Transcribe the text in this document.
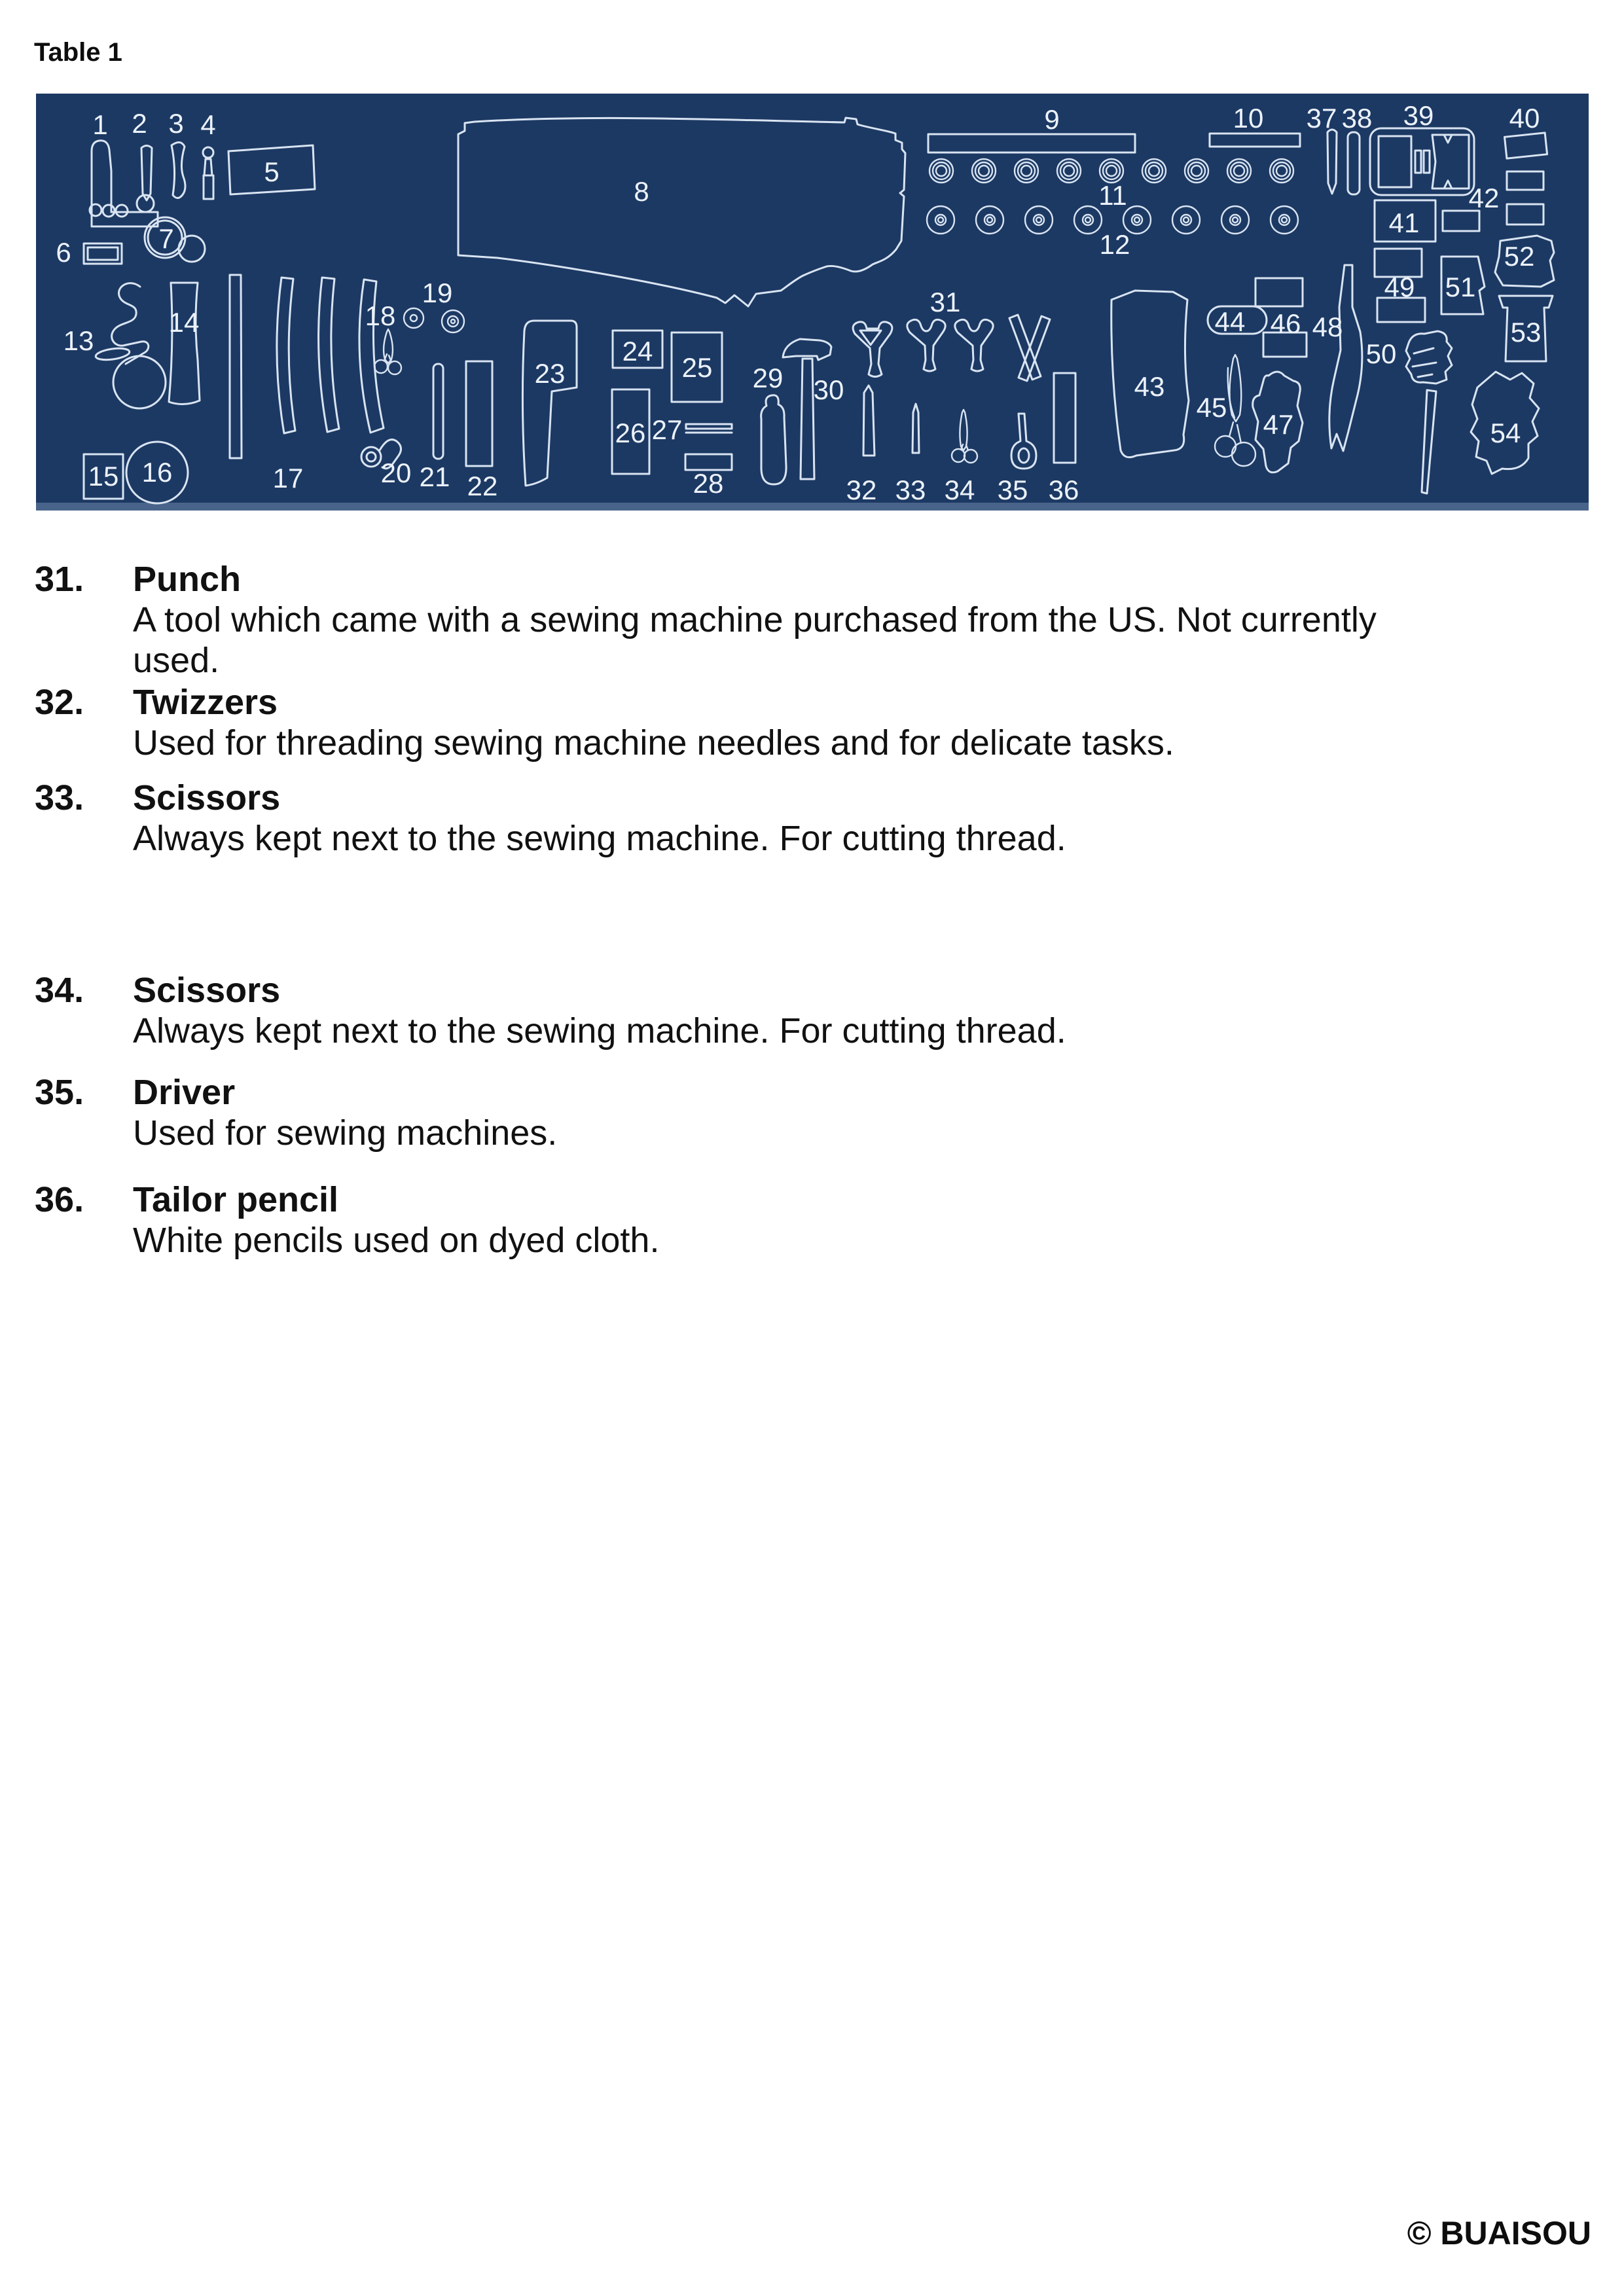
Table 1
1 2 3 4
5
6	7
8
9	10
11
12
13
14
15 16	17
18
19
20 21 22
23
24
25
26 27
28
29 30
31
32 33 34 35 36
37 38 39	40
41
42
43
44
45
46
47
48
49
50
51
52
53
54
31.	Punch
A tool which came with a sewing machine purchased from the US. Not currently
used.
32.	Twizzers
Used for threading sewing machine needles and for delicate tasks.
33.	Scissors
Always kept next to the sewing machine. For cutting thread.
34.	Scissors
Always kept next to the sewing machine. For cutting thread.
35.	Driver
Used for sewing machines.
36.	Tailor pencil
White pencils used on dyed cloth.
© BUAISOU
